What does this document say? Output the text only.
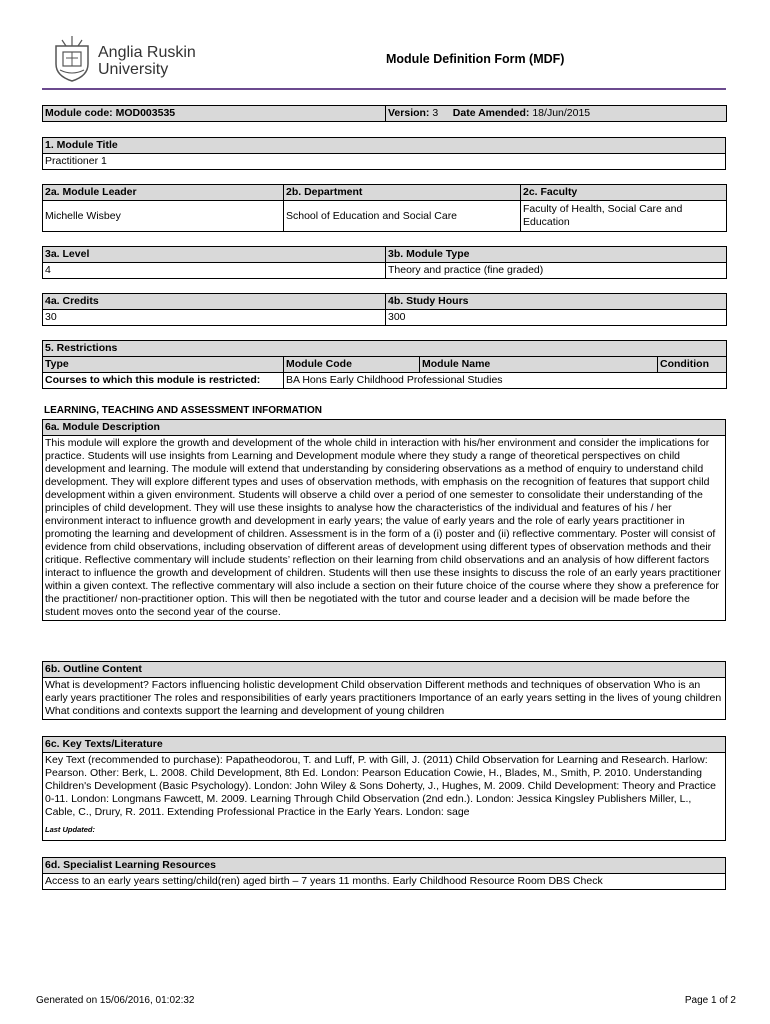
Anglia Ruskin
University
Module Definition Form (MDF)
Module code: MOD003535	Version: 3 Date Amended: 18/Jun/2015
1. Module Title
Practitioner 1
2a. Module Leader	2b. Department	2c. Faculty
Michelle Wisbey	School of Education and Social Care	Faculty of Health, Social Care and Education
3a. Level	3b. Module Type
4	Theory and practice (fine graded)
4a. Credits	4b. Study Hours
30	300
5. Restrictions			
Type	Module Code	Module Name	Condition
Courses to which this module is restricted:	BA Hons Early Childhood Professional Studies		
LEARNING, TEACHING AND ASSESSMENT INFORMATION
6a. Module Description
This module will explore the growth and development of the whole child in interaction with his/her environment and consider the implications for practice. Students will use insights from Learning and Development module where they study a range of theoretical perspectives on child development and learning. The module will extend that understanding by considering observations as a method of enquiry to understand child development. They will explore different types and uses of observation methods, with emphasis on the recognition of features that support child development within a given environment. Students will observe a child over a period of one semester to consolidate their understanding of the principles of child development. They will use these insights to analyse how the characteristics of the individual and features of his / her environment interact to influence growth and development in early years; the value of early years and the role of early years practitioner in promoting the learning and development of children. Assessment is in the form of a (i) poster and (ii) reflective commentary. Poster will consist of evidence from child observations, including observation of different areas of development using different types of observation methods and their critique. Reflective commentary will include students’ reflection on their learning from child observations and an analysis of how different factors interact to influence the growth and development of children. Students will then use these insights to discuss the role of an early years practitioner within a given context. The reflective commentary will also include a section on their future choice of the course where they show a preference for the practitioner/ non-practitioner option. This will then be negotiated with the tutor and course leader and a decision will be made before the student moves onto the second year of the course.
6b. Outline Content
What is development? Factors influencing holistic development Child observation Different methods and techniques of observation Who is an early years practitioner The roles and responsibilities of early years practitioners Importance of an early years setting in the lives of young children What conditions and contexts support the learning and development of young children
6c. Key Texts/Literature

Key Text (recommended to purchase): Papatheodorou, T. and Luff, P. with Gill, J. (2011) Child Observation for Learning and Research. Harlow: Pearson. Other: Berk, L. 2008. Child Development, 8th Ed. London: Pearson Education Cowie, H., Blades, M., Smith, P. 2010. Understanding Children's Development (Basic Psychology). London: John Wiley & Sons Doherty, J., Hughes, M. 2009. Child Development: Theory and Practice 0-11. London: Longmans Fawcett, M. 2009. Learning Through Child Observation (2nd edn.). London: Jessica Kingsley Publishers Miller, L., Cable, C., Drury, R. 2011. Extending Professional Practice in the Early Years. London: sage
Last Updated:
6d. Specialist Learning Resources
Access to an early years setting/child(ren) aged birth – 7 years 11 months. Early Childhood Resource Room DBS Check
Generated on 15/06/2016, 01:02:32	Page 1 of 2
